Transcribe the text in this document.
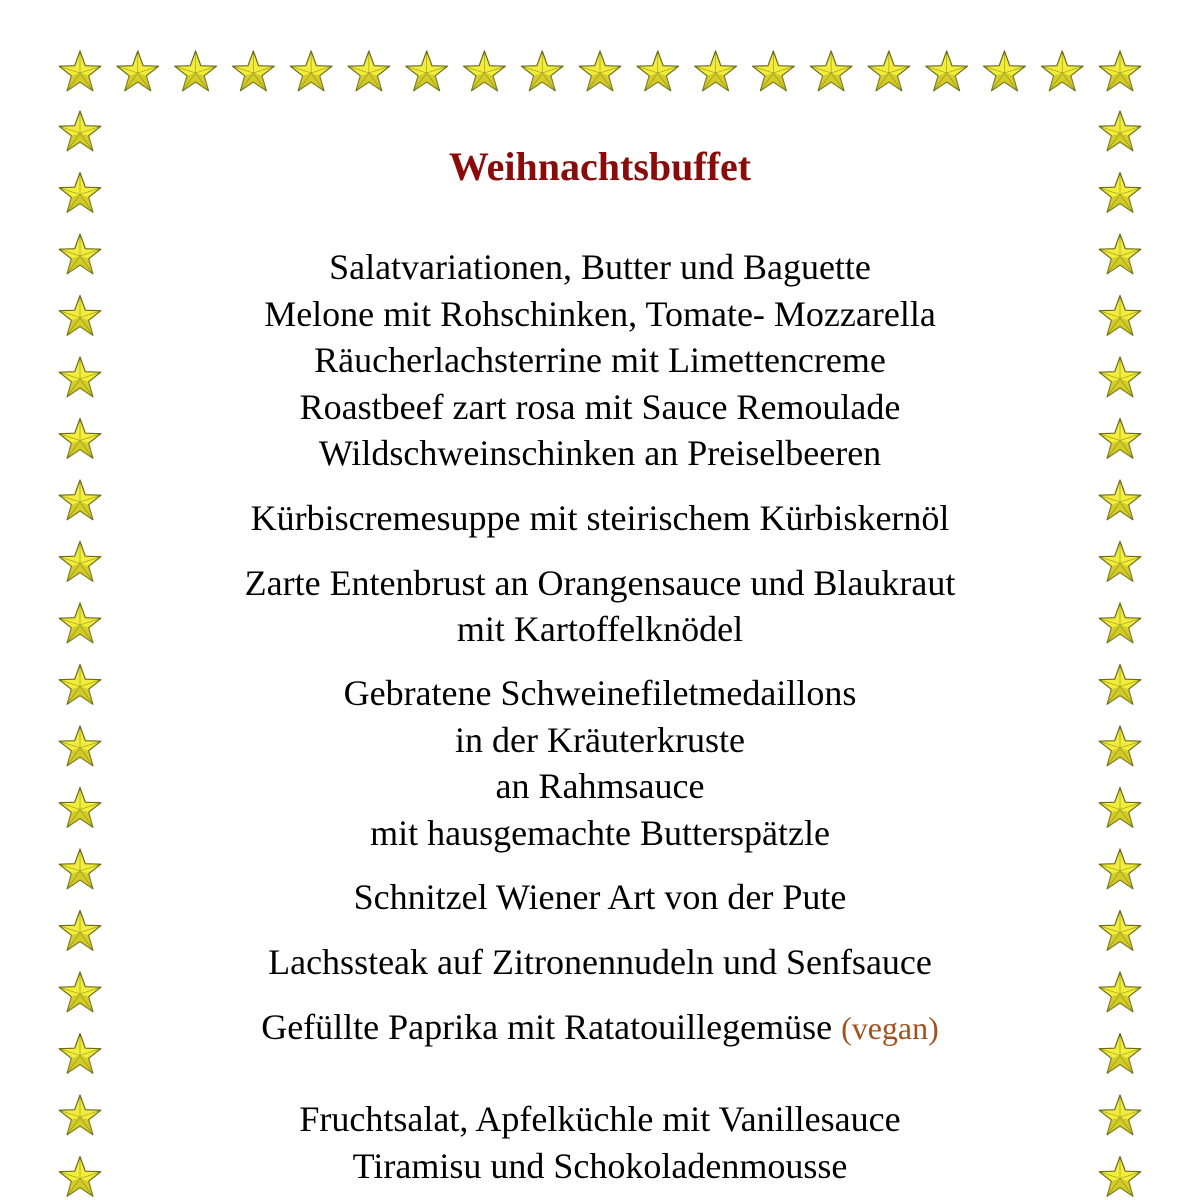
Weihnachtsbuffet
Salatvariationen, Butter und Baguette
Melone mit Rohschinken, Tomate- Mozzarella
Räucherlachsterrine mit Limettencreme
Roastbeef zart rosa mit Sauce Remoulade
Wildschweinschinken an Preiselbeeren
Kürbiscremesuppe mit steirischem Kürbiskernöl
Zarte Entenbrust an Orangensauce und Blaukraut
mit Kartoffelknödel
Gebratene Schweinefiletmedaillons
in der Kräuterkruste
an Rahmsauce
mit hausgemachte Butterspätzle
Schnitzel Wiener Art von der Pute
Lachssteak auf Zitronennudeln und Senfsauce
Gefüllte Paprika mit Ratatouillegemüse (vegan)
Fruchtsalat, Apfelküchle mit Vanillesauce
Tiramisu und Schokoladenmousse
